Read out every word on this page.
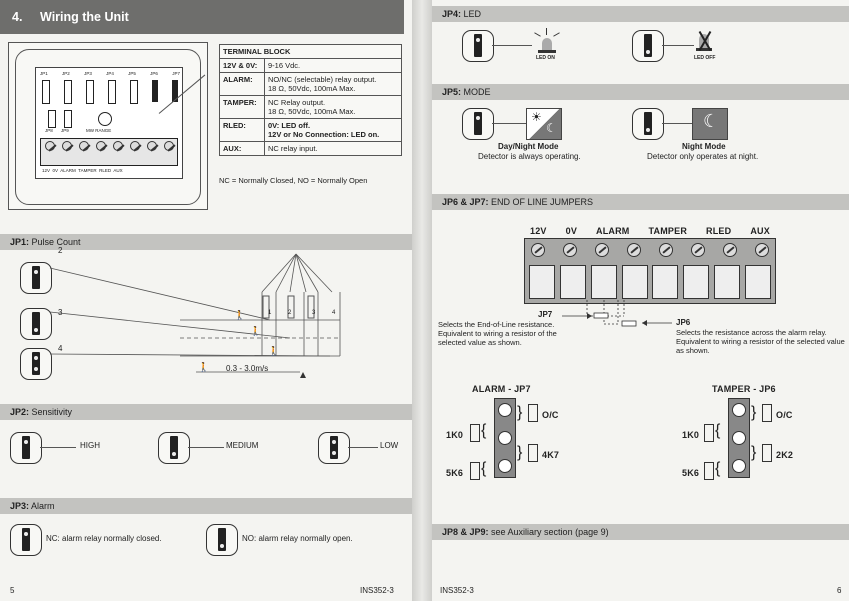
4. Wiring the Unit
JP1	JP2	JP3	JP4	JP5	JP6	JP7
JP8 JP9	MW RANGE
12V  0V  ALARM  TAMPER  RLED  AUX
TERMINAL BLOCK	
12V & 0V:	9-16 Vdc.
ALARM:	NO/NC (selectable) relay output.
18 Ω, 50Vdc, 100mA Max.
TAMPER:	NC Relay output.
18 Ω, 50Vdc, 100mA Max.
RLED:	0V: LED off.
12V or No Connection: LED on.
AUX:	NC relay input.
NC = Normally Closed, NO = Normally Open
JP1: Pulse Count
2
3
4
🚶
🚶
🚶
🚶
1	2	3	4
0.3 - 3.0m/s
JP2: Sensitivity
HIGH	MEDIUM	LOW
JP3: Alarm
NC: alarm relay normally closed.	NO: alarm relay normally open.
5	INS352-3
JP4: LED
LED ON	LED OFF
JP5: MODE
☀
☾
Day/Night Mode
Detector is always operating.
☾
Night Mode
Detector only operates at night.
JP6 & JP7: END OF LINE JUMPERS
12V 0V ALARM TAMPER RLED AUX
JP7
Selects the End-of-Line resistance. Equivalent to wiring a resistor of the selected value as shown.
JP6
Selects the resistance across the alarm relay. Equivalent to wiring a resistor of the selected value as shown.
ALARM - JP7
} O/C
1K0 {
} 4K7
5K6 {
TAMPER - JP6
} O/C
1K0 {
} 2K2
5K6 {
JP8 & JP9: see Auxiliary section (page 9)
INS352-3	6
